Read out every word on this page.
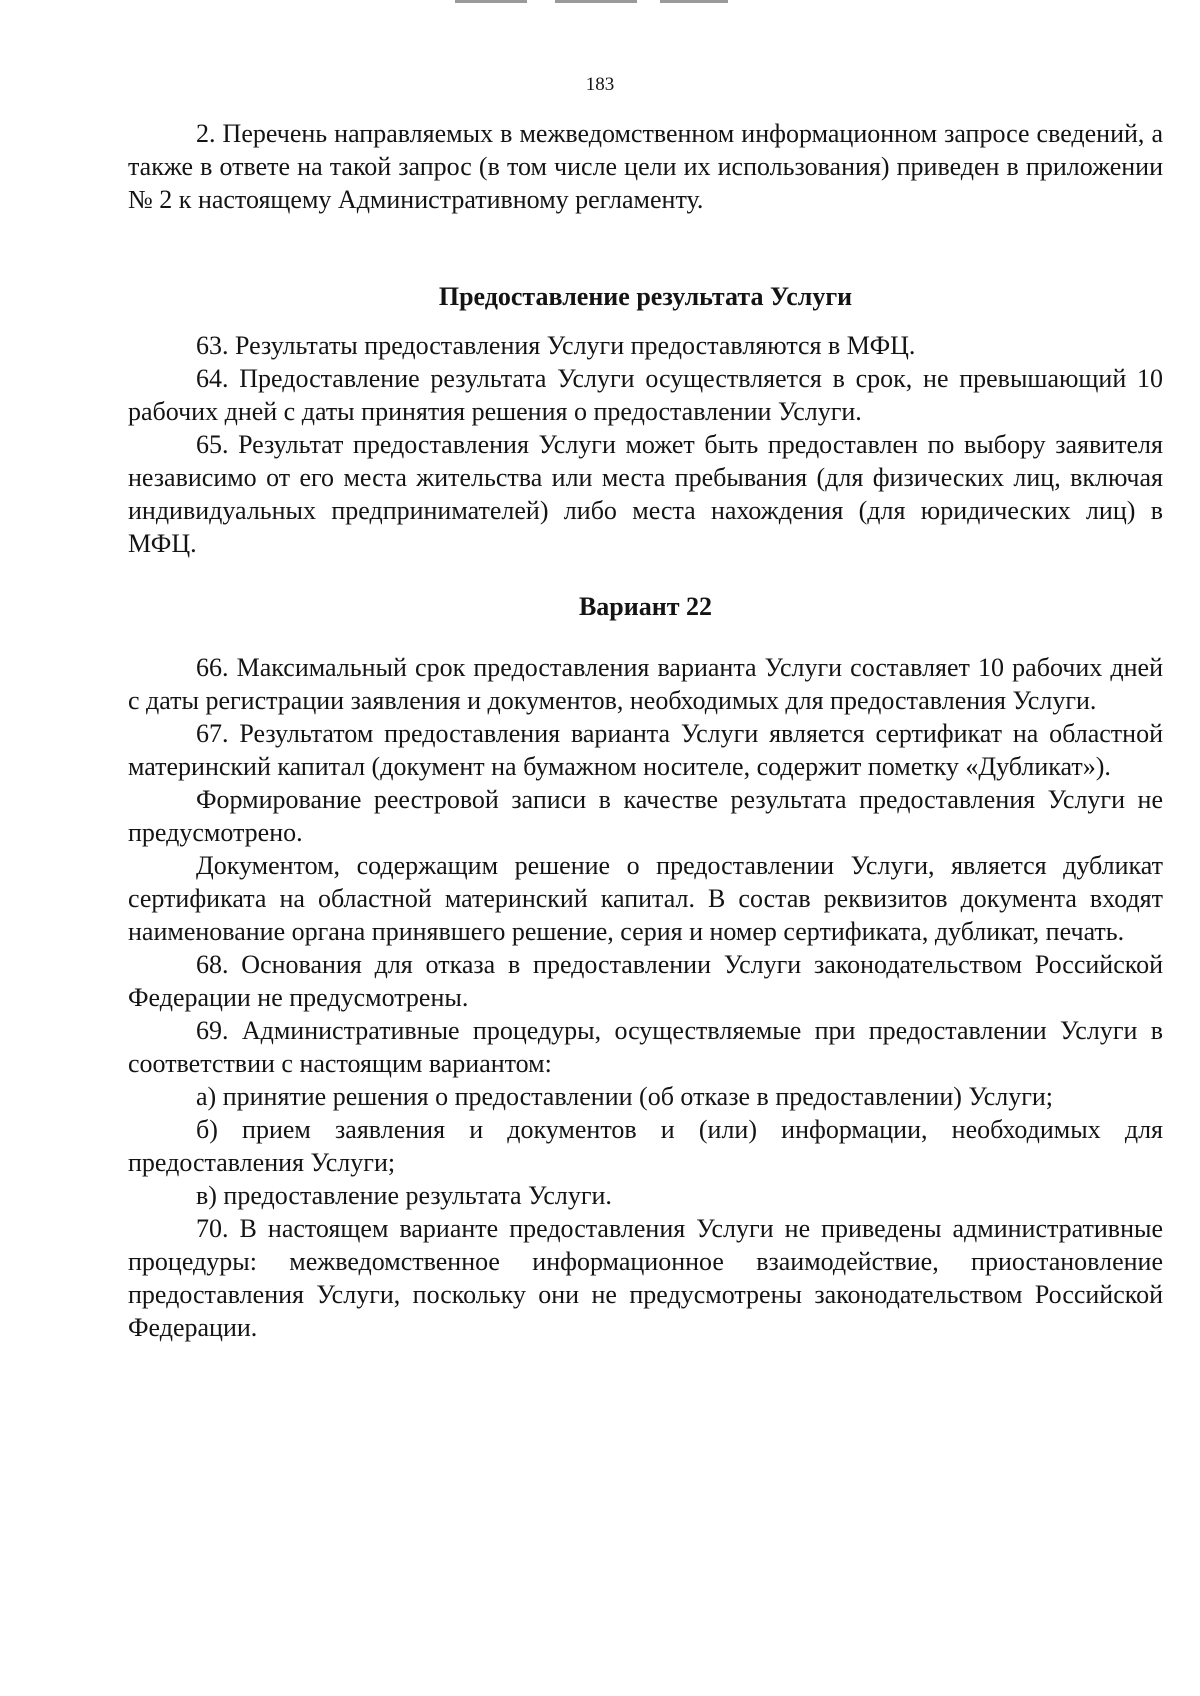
183

2. Перечень направляемых в межведомственном информационном запросе сведений, а также в ответе на такой запрос (в том числе цели их использования) приведен в приложении № 2 к настоящему Административному регламенту.

Предоставление результата Услуги

63. Результаты предоставления Услуги предоставляются в МФЦ.

64. Предоставление результата Услуги осуществляется в срок, не превышающий 10 рабочих дней с даты принятия решения о предоставлении Услуги.

65. Результат предоставления Услуги может быть предоставлен по выбору заявителя независимо от его места жительства или места пребывания (для физических лиц, включая индивидуальных предпринимателей) либо места нахождения (для юридических лиц) в МФЦ.

Вариант 22

66. Максимальный срок предоставления варианта Услуги составляет 10 рабочих дней с даты регистрации заявления и документов, необходимых для предоставления Услуги.

67. Результатом предоставления варианта Услуги является сертификат на областной материнский капитал (документ на бумажном носителе, содержит пометку «Дубликат»).

Формирование реестровой записи в качестве результата предоставления Услуги не предусмотрено.

Документом, содержащим решение о предоставлении Услуги, является дубликат сертификата на областной материнский капитал. В состав реквизитов документа входят наименование органа принявшего решение, серия и номер сертификата, дубликат, печать.

68. Основания для отказа в предоставлении Услуги законодательством Российской Федерации не предусмотрены.

69. Административные процедуры, осуществляемые при предоставлении Услуги в соответствии с настоящим вариантом:

а) принятие решения о предоставлении (об отказе в предоставлении) Услуги;

б) прием заявления и документов и (или) информации, необходимых для предоставления Услуги;

в) предоставление результата Услуги.

70. В настоящем варианте предоставления Услуги не приведены административные процедуры: межведомственное информационное взаимодействие, приостановление предоставления Услуги, поскольку они не предусмотрены законодательством Российской Федерации.
